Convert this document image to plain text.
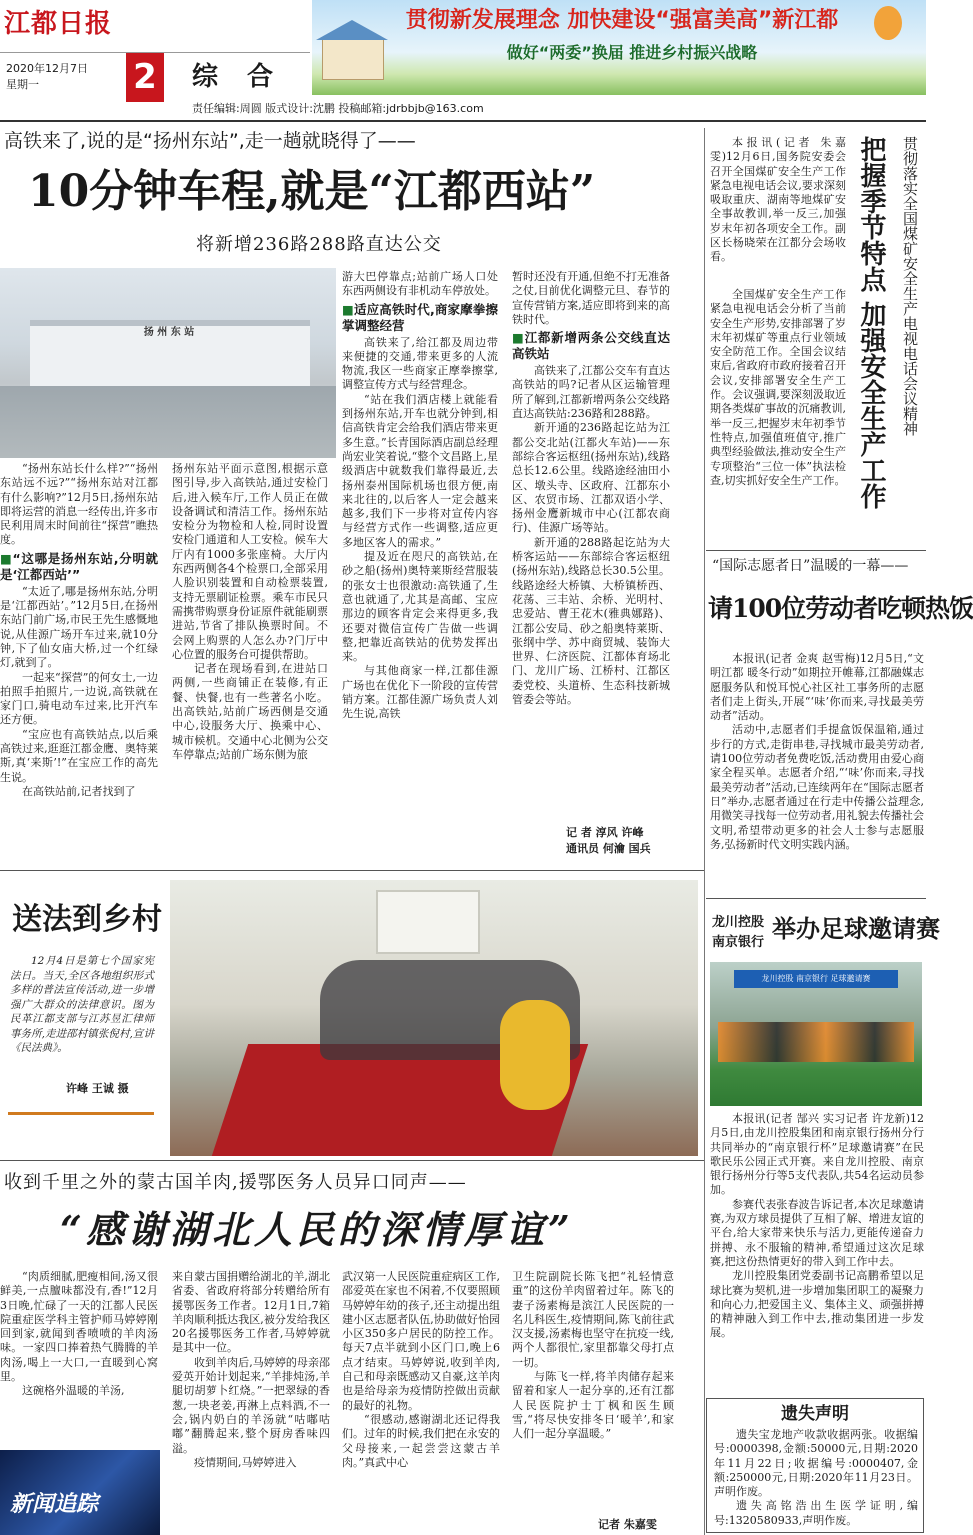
江都日报
2020年12月7日
星期一	2 综 合
贯彻新发展理念 加快建设“强富美高”新江都
做好“两委”换届 推进乡村振兴战略
责任编辑:周圆 版式设计:沈鹏 投稿邮箱:jdrbbjb@163.com
高铁来了,说的是“扬州东站”,走一趟就晓得了——
10分钟车程,就是“江都西站”
将新增236路288路直达公交
扬 州 东 站

“扬州东站长什么样?”“扬州东站远不远?”“扬州东站对江都有什么影响?”12月5日,扬州东站即将运营的消息一经传出,许多市民利用周末时间前往“探营”瞧热度。

■“这哪是扬州东站,分明就是‘江都西站’”

“太近了,哪是扬州东站,分明是‘江都西站’。”12月5日,在扬州东站门前广场,市民王先生感慨地说,从佳源广场开车过来,就10分钟,下了仙女庙大桥,过一个红绿灯,就到了。

一起来“探营”的何女士,一边拍照手拍照片,一边说,高铁就在家门口,骑电动车过来,比开汽车还方便。

“宝应也有高铁站点,以后乘高铁过来,逛逛江都金鹰、奥特莱斯,真‘来斯’!”在宝应工作的高先生说。

在高铁站前,记者找到了

扬州东站平面示意图,根据示意图引导,步入高铁站,通过安检门后,进入候车厅,工作人员正在做设备调试和清洁工作。扬州东站安检分为物检和人检,同时设置安检门通道和人工安检。候车大厅内有1000多张座椅。大厅内东西两侧各4个检票口,全部采用人脸识别装置和自动检票装置,支持无票刷证检票。乘车市民只需携带购票身份证原件就能刷票进站,节省了排队换票时间。不会网上购票的人怎么办?门厅中心位置的服务台可提供帮助。

记者在现场看到,在进站口两侧,一些商铺正在装修,有正餐、快餐,也有一些著名小吃。出高铁站,站前广场西侧是交通中心,设服务大厅、换乘中心、城市候机。交通中心北侧为公交车停靠点;站前广场东侧为旅

游大巴停靠点;站前广场人口处东西两侧设有非机动车停放处。

■适应高铁时代,商家摩拳擦掌调整经营

高铁来了,给江都及周边带来便捷的交通,带来更多的人流物流,我区一些商家正摩拳擦掌,调整宣传方式与经营理念。

“站在我们酒店楼上就能看到扬州东站,开车也就分钟到,相信高铁肯定会给我们酒店带来更多生意。”长青国际酒店副总经理尚宏业笑着说,“整个文昌路上,星级酒店中就数我们靠得最近,去扬州泰州国际机场也很方便,南来北往的,以后客人一定会越来越多,我们下一步将对宣传内容与经营方式作一些调整,适应更多地区客人的需求。”

提及近在咫尺的高铁站,在砂之船(扬州)奥特莱斯经营服装的张女士也很激动:高铁通了,生意也就通了,尤其是高邮、宝应那边的顾客肯定会来得更多,我还要对微信宣传广告做一些调整,把靠近高铁站的优势发挥出来。

与其他商家一样,江都佳源广场也在优化下一阶段的宣传营销方案。江都佳源广场负责人刘先生说,高铁

暂时还没有开通,但绝不打无准备之仗,目前优化调整元旦、春节的宣传营销方案,适应即将到来的高铁时代。

■江都新增两条公交线直达高铁站

高铁来了,江都公交车有直达高铁站的吗?记者从区运输管理所了解到,江都新增两条公交线路直达高铁站:236路和288路。

新开通的236路起讫站为江都公交北站(江都火车站)——东部综合客运枢纽(扬州东站),线路总长12.6公里。线路途经油田小区、墩头寺、区政府、江都东小区、农贸市场、江都双语小学、扬州金鹰新城市中心(江都农商行)、佳源广场等站。

新开通的288路起讫站为大桥客运站——东部综合客运枢纽(扬州东站),线路总长30.5公里。线路途经大桥镇、大桥镇桥西、花荡、三丰站、余桥、光明村、忠爱站、曹王花木(雅典娜路)、江都公安局、砂之船奥特莱斯、张纲中学、苏中商贸城、装饰大世界、仁济医院、江都体育场北门、龙川广场、江桥村、江都区委党校、头道桥、生态科技新城管委会等站。

记 者 淳风 许峰
通讯员 何瀹 国兵
把握季节特点 加强安全生产工作	贯彻落实全国煤矿安全生产电视电话会议精神

本报讯(记者 朱嘉雯)12月6日,国务院安委会召开全国煤矿安全生产工作紧急电视电话会议,要求深刻吸取重庆、湖南等地煤矿安全事故教训,举一反三,加强岁末年初各项安全工作。副区长杨晓荣在江都分会场收看。

全国煤矿安全生产工作紧急电视电话会分析了当前安全生产形势,安排部署了岁末年初煤矿等重点行业领域安全防范工作。全国会议结束后,省政府市政府接着召开会议,安排部署安全生产工作。会议强调,要深刻汲取近期各类煤矿事故的沉痛教训,举一反三,把握岁末年初季节性特点,加强值班值守,推广典型经验做法,推动安全生产专项整治“三位一体”执法检查,切实抓好安全生产工作。

“国际志愿者日”温暖的一幕——
请100位劳动者吃顿热饭

本报讯(记者 金爽 赵雪梅)12月5日,“文明江都 暖冬行动”如期拉开帷幕,江都融媒志愿服务队和悦耳悦心社区社工事务所的志愿者们走上街头,开展“‘味’你而来,寻找最美劳动者”活动。

活动中,志愿者们手提盒饭保温箱,通过步行的方式,走街串巷,寻找城市最美劳动者,请100位劳动者免费吃饭,活动费用由爱心商家全程买单。志愿者介绍,“‘味’你而来,寻找最美劳动者”活动,已连续两年在“国际志愿者日”举办,志愿者通过在行走中传播公益理念,用微笑寻找每一位劳动者,用礼貌去传播社会文明,希望带动更多的社会人士参与志愿服务,弘扬新时代文明实践内涵。

送法到乡村

12月4日是第七个国家宪法日。当天,全区各地组织形式多样的普法宣传活动,进一步增强广大群众的法律意识。图为民革江都支部与江苏昱汇律师事务所,走进邵村镇张倪村,宣讲《民法典》。

许峰 王诚 摄
龙川控股
南京银行 举办足球邀请赛
龙川控股 南京银行 足球邀请赛

本报讯(记者 郜兴 实习记者 许龙新)12月5日,由龙川控股集团和南京银行扬州分行共同举办的“南京银行杯”足球邀请赛”在民歌民乐公园正式开赛。来自龙川控股、南京银行扬州分行等5支代表队,共54名运动员参加。

参赛代表张春波告诉记者,本次足球邀请赛,为双方球员提供了互相了解、增进友谊的平台,给大家带来快乐与活力,更能传递奋力拼搏、永不服输的精神,希望通过这次足球赛,把这份热情更好的带入到工作中去。

龙川控股集团党委副书记高鹏希望以足球比赛为契机,进一步增加集团职工的凝聚力和向心力,把爱国主义、集体主义、顽强拼搏的精神融入到工作中去,推动集团进一步发展。

遗失声明

遗失宝龙地产收款收据两张。收据编号:0000398,金额:50000元,日期:2020年11月22日;收据编号:0000407,金额:250000元,日期:2020年11月23日。声明作废。

遗失高铭浩出生医学证明,编号:1320580933,声明作废。

收到千里之外的蒙古国羊肉,援鄂医务人员异口同声——
“感谢湖北人民的深情厚谊”

“肉质细腻,肥瘦相间,汤又很鲜美,一点膻味都没有,香!”12月3日晚,忙碌了一天的江都人民医院重症医学科主管护师马婷婷刚回到家,就闻到香喷喷的羊肉汤味。一家四口捧着热气腾腾的羊肉汤,喝上一大口,一直暖到心窝里。

这碗格外温暖的羊汤,

新闻追踪

来自蒙古国捐赠给湖北的羊,湖北省委、省政府将部分转赠给所有援鄂医务工作者。12月1日,7箱羊肉顺利抵达我区,被分发给我区20名援鄂医务工作者,马婷婷就是其中一位。

收到羊肉后,马婷婷的母亲邵爱英开始计划起来,“羊排炖汤,羊腿切胡萝卜红烧。”一把翠绿的香葱,一块老姜,再淋上点料酒,不一会,锅内奶白的羊汤就“咕嘟咕嘟”翻腾起来,整个厨房香味四溢。

疫情期间,马婷婷进入

武汉第一人民医院重症病区工作,邵爱英在家也不闲着,不仅要照顾马婷婷年幼的孩子,还主动提出组建小区志愿者队伍,协助做好怡园小区350多户居民的防控工作。每天7点半就到小区门口,晚上6点才结束。马婷婷说,收到羊肉,自己和母亲既感动又自豪,这羊肉也是给母亲为疫情防控做出贡献的最好的礼物。

“很感动,感谢湖北还记得我们。过年的时候,我们把在永安的父母接来,一起尝尝这蒙古羊肉。”真武中心

卫生院副院长陈飞把“礼轻情意重”的这份羊肉留着过年。陈飞的妻子汤素梅是滨江人民医院的一名儿科医生,疫情期间,陈飞前往武汉支援,汤素梅也坚守在抗疫一线,两个人都很忙,家里都靠父母打点一切。

与陈飞一样,将羊肉储存起来留着和家人一起分享的,还有江都人民医院护士丁枫和医生顾雪,“将尽快安排冬日‘暖羊’,和家人们一起分享温暖。”

记者 朱嘉雯
